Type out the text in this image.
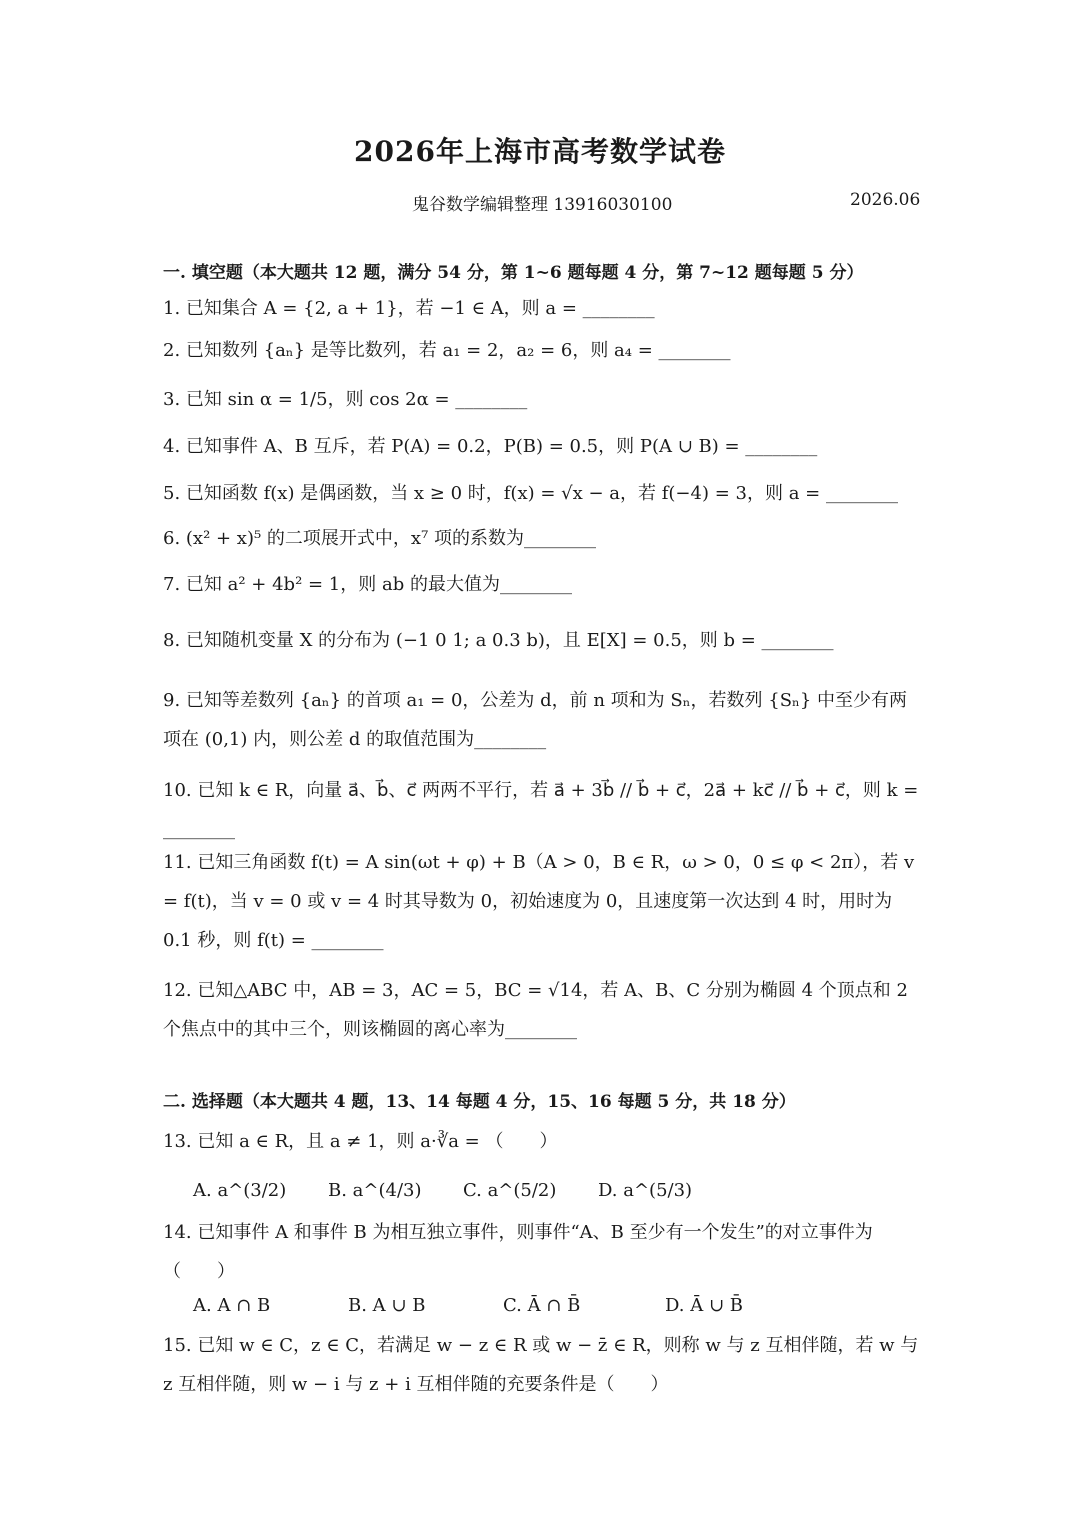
2026年上海市高考数学试卷
鬼谷数学编辑整理 13916030100	2026.06
一. 填空题（本大题共 12 题，满分 54 分，第 1~6 题每题 4 分，第 7~12 题每题 5 分）
1. 已知集合 A = {2, a + 1}，若 −1 ∈ A，则 a = ________
2. 已知数列 {aₙ} 是等比数列，若 a₁ = 2，a₂ = 6，则 a₄ = ________
3. 已知 sin α = 1/5，则 cos 2α = ________
4. 已知事件 A、B 互斥，若 P(A) = 0.2，P(B) = 0.5，则 P(A ∪ B) = ________
5. 已知函数 f(x) 是偶函数，当 x ≥ 0 时，f(x) = √x − a，若 f(−4) = 3，则 a = ________
6. (x² + x)⁵ 的二项展开式中，x⁷ 项的系数为________
7. 已知 a² + 4b² = 1，则 ab 的最大值为________
8. 已知随机变量 X 的分布为 (−1 0 1; a 0.3 b)，且 E[X] = 0.5，则 b = ________
9. 已知等差数列 {aₙ} 的首项 a₁ = 0，公差为 d，前 n 项和为 Sₙ，若数列 {Sₙ} 中至少有两项在 (0,1) 内，则公差 d 的取值范围为________
10. 已知 k ∈ R，向量 a⃗、b⃗、c⃗ 两两不平行，若 a⃗ + 3b⃗ // b⃗ + c⃗，2a⃗ + kc⃗ // b⃗ + c⃗，则 k = ________
11. 已知三角函数 f(t) = A sin(ωt + φ) + B（A > 0，B ∈ R，ω > 0，0 ≤ φ < 2π），若 v = f(t)，当 v = 0 或 v = 4 时其导数为 0，初始速度为 0，且速度第一次达到 4 时，用时为 0.1 秒，则 f(t) = ________
12. 已知△ABC 中，AB = 3，AC = 5，BC = √14，若 A、B、C 分别为椭圆 4 个顶点和 2 个焦点中的其中三个，则该椭圆的离心率为________
二. 选择题（本大题共 4 题，13、14 每题 4 分，15、16 每题 5 分，共 18 分）
13. 已知 a ∈ R，且 a ≠ 1，则 a·∛a = （　　）
A. a^(3/2) B. a^(4/3) C. a^(5/2) D. a^(5/3)
14. 已知事件 A 和事件 B 为相互独立事件，则事件“A、B 至少有一个发生”的对立事件为（　　）
A. A ∩ B	B. A ∪ B	C. Ā ∩ B̄	D. Ā ∪ B̄
15. 已知 w ∈ C，z ∈ C，若满足 w − z ∈ R 或 w − z̄ ∈ R，则称 w 与 z 互相伴随，若 w 与 z 互相伴随，则 w − i 与 z + i 互相伴随的充要条件是（　　）
